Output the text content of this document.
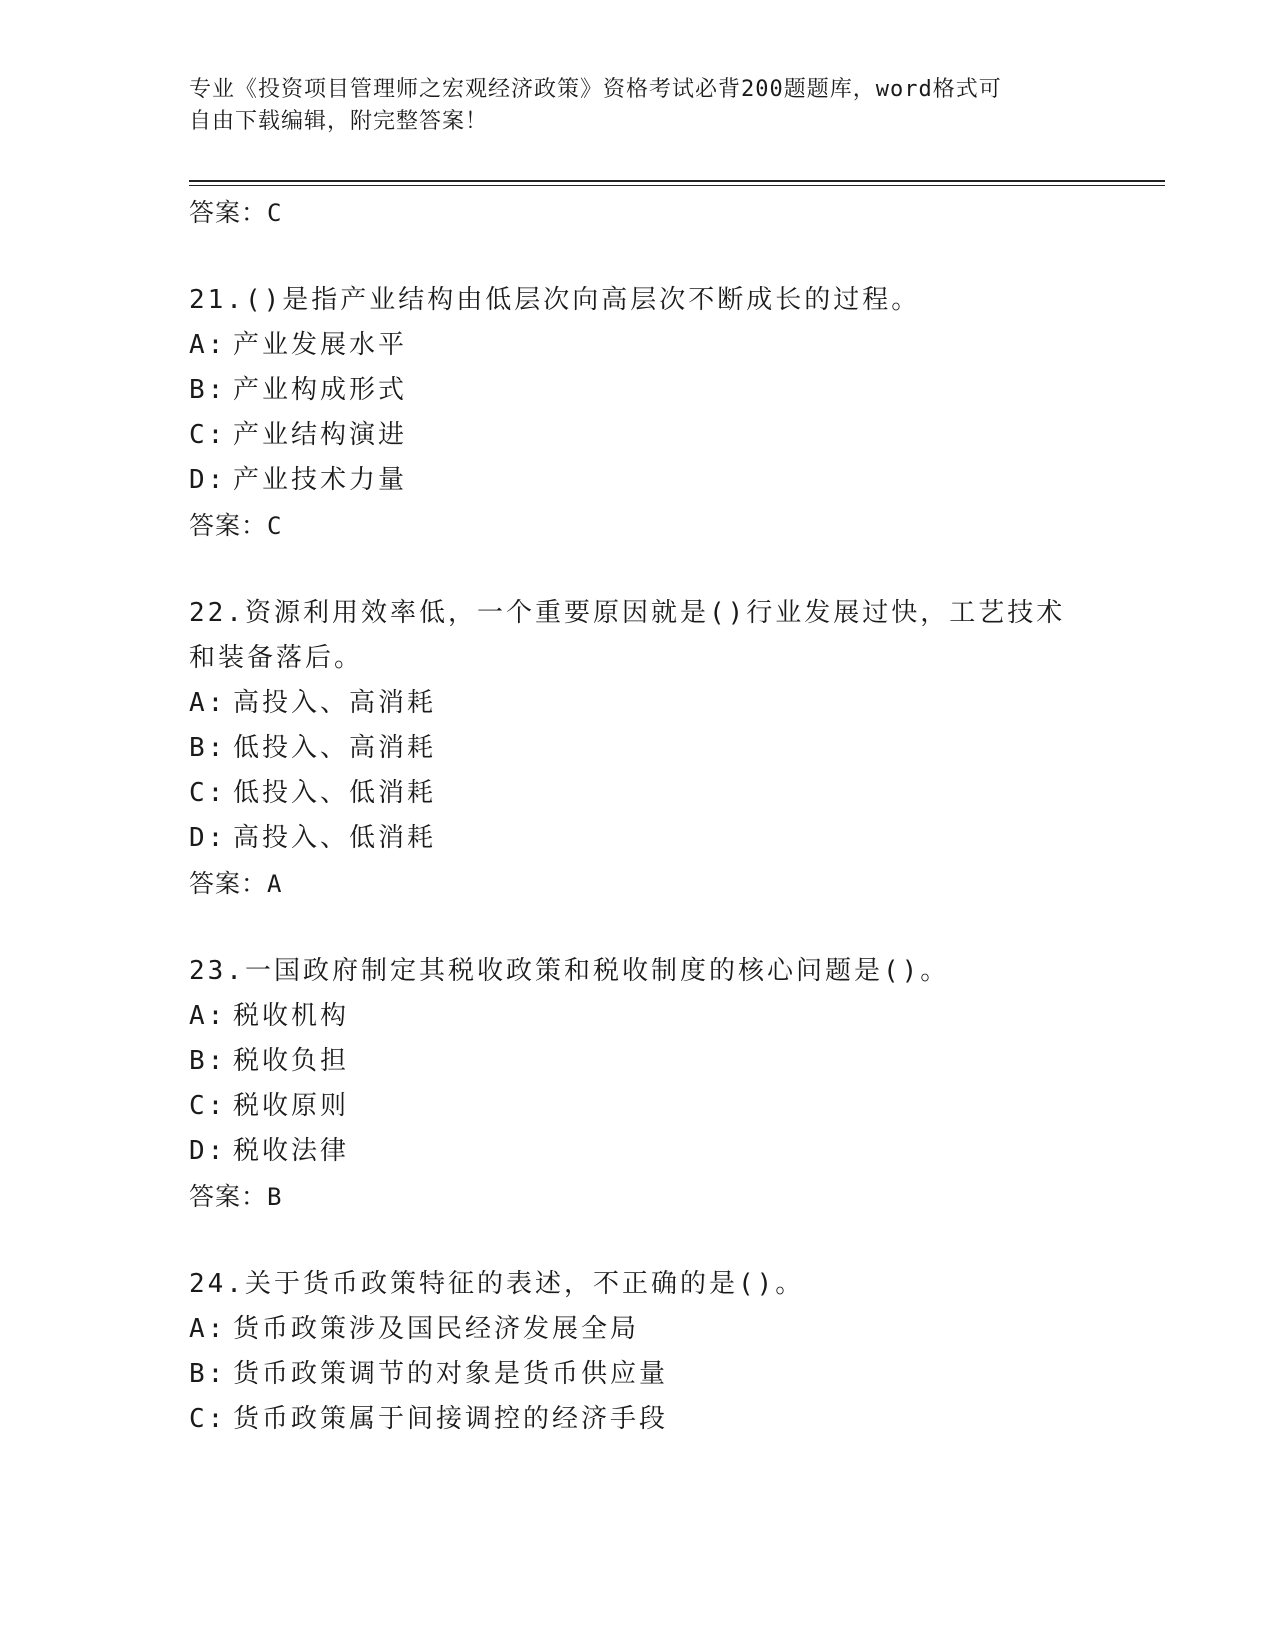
专业《投资项目管理师之宏观经济政策》资格考试必背200题题库，word格式可
自由下载编辑，附完整答案！
答案：C
21.()是指产业结构由低层次向高层次不断成长的过程。
A: 产业发展水平
B: 产业构成形式
C: 产业结构演进
D: 产业技术力量
答案：C
22.资源利用效率低，一个重要原因就是()行业发展过快，工艺技术和装备落后。
A: 高投入、高消耗
B: 低投入、高消耗
C: 低投入、低消耗
D: 高投入、低消耗
答案：A
23.一国政府制定其税收政策和税收制度的核心问题是()。
A: 税收机构
B: 税收负担
C: 税收原则
D: 税收法律
答案：B
24.关于货币政策特征的表述，不正确的是()。
A: 货币政策涉及国民经济发展全局
B: 货币政策调节的对象是货币供应量
C: 货币政策属于间接调控的经济手段
